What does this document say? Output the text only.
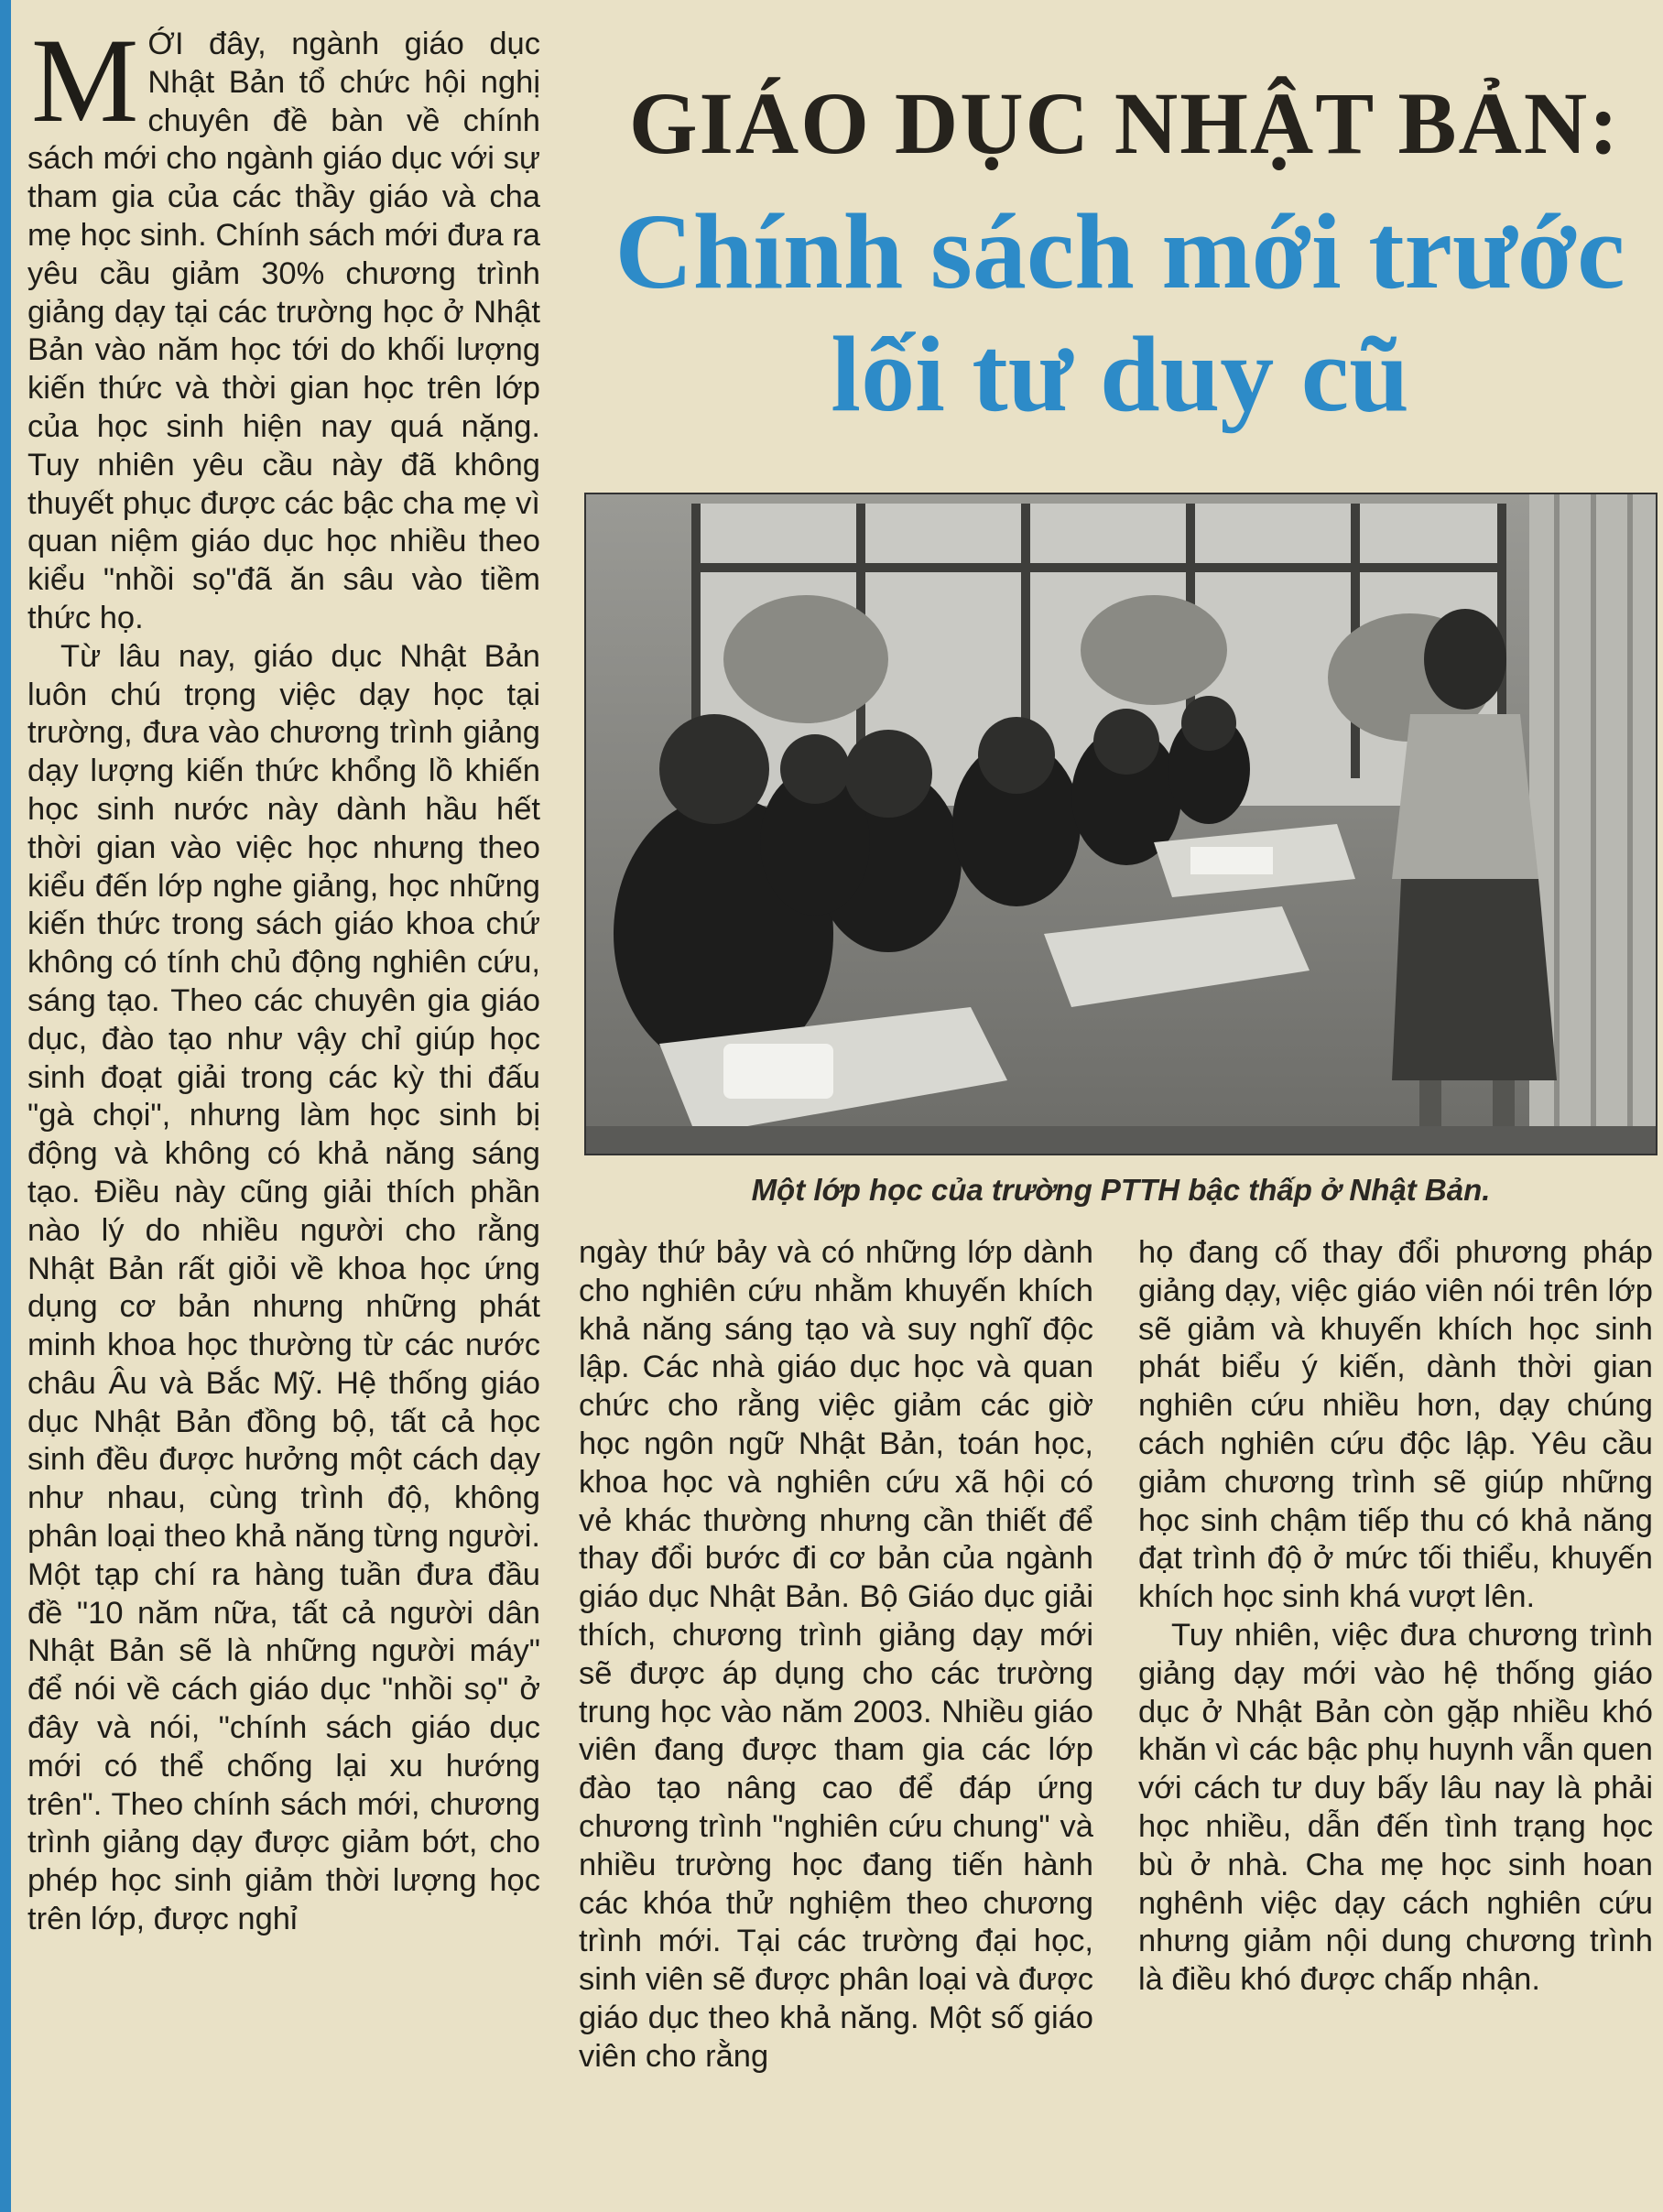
MỚI đây, ngành giáo dục Nhật Bản tổ chức hội nghị chuyên đề bàn về chính sách mới cho ngành giáo dục với sự tham gia của các thầy giáo và cha mẹ học sinh. Chính sách mới đưa ra yêu cầu giảm 30% chương trình giảng dạy tại các trường học ở Nhật Bản vào năm học tới do khối lượng kiến thức và thời gian học trên lớp của học sinh hiện nay quá nặng. Tuy nhiên yêu cầu này đã không thuyết phục được các bậc cha mẹ vì quan niệm giáo dục học nhiều theo kiểu "nhồi sọ"đã ăn sâu vào tiềm thức họ.

Từ lâu nay, giáo dục Nhật Bản luôn chú trọng việc dạy học tại trường, đưa vào chương trình giảng dạy lượng kiến thức khổng lồ khiến học sinh nước này dành hầu hết thời gian vào việc học nhưng theo kiểu đến lớp nghe giảng, học những kiến thức trong sách giáo khoa chứ không có tính chủ động nghiên cứu, sáng tạo. Theo các chuyên gia giáo dục, đào tạo như vậy chỉ giúp học sinh đoạt giải trong các kỳ thi đấu "gà chọi", nhưng làm học sinh bị động và không có khả năng sáng tạo. Điều này cũng giải thích phần nào lý do nhiều người cho rằng Nhật Bản rất giỏi về khoa học ứng dụng cơ bản nhưng những phát minh khoa học thường từ các nước châu Âu và Bắc Mỹ. Hệ thống giáo dục Nhật Bản đồng bộ, tất cả học sinh đều được hưởng một cách dạy như nhau, cùng trình độ, không phân loại theo khả năng từng người. Một tạp chí ra hàng tuần đưa đầu đề "10 năm nữa, tất cả người dân Nhật Bản sẽ là những người máy" để nói về cách giáo dục "nhồi sọ" ở đây và nói, "chính sách giáo dục mới có thể chống lại xu hướng trên". Theo chính sách mới, chương trình giảng dạy được giảm bớt, cho phép học sinh giảm thời lượng học trên lớp, được nghỉ

GIÁO DỤC NHẬT BẢN:
Chính sách mới trước
lối tư duy cũ
Một lớp học của trường PTTH bậc thấp ở Nhật Bản.

ngày thứ bảy và có những lớp dành cho nghiên cứu nhằm khuyến khích khả năng sáng tạo và suy nghĩ độc lập. Các nhà giáo dục học và quan chức cho rằng việc giảm các giờ học ngôn ngữ Nhật Bản, toán học, khoa học và nghiên cứu xã hội có vẻ khác thường nhưng cần thiết để thay đổi bước đi cơ bản của ngành giáo dục Nhật Bản. Bộ Giáo dục giải thích, chương trình giảng dạy mới sẽ được áp dụng cho các trường trung học vào năm 2003. Nhiều giáo viên đang được tham gia các lớp đào tạo nâng cao để đáp ứng chương trình "nghiên cứu chung" và nhiều trường học đang tiến hành các khóa thử nghiệm theo chương trình mới. Tại các trường đại học, sinh viên sẽ được phân loại và được giáo dục theo khả năng. Một số giáo viên cho rằng

họ đang cố thay đổi phương pháp giảng dạy, việc giáo viên nói trên lớp sẽ giảm và khuyến khích học sinh phát biểu ý kiến, dành thời gian nghiên cứu nhiều hơn, dạy chúng cách nghiên cứu độc lập. Yêu cầu giảm chương trình sẽ giúp những học sinh chậm tiếp thu có khả năng đạt trình độ ở mức tối thiểu, khuyến khích học sinh khá vượt lên.

Tuy nhiên, việc đưa chương trình giảng dạy mới vào hệ thống giáo dục ở Nhật Bản còn gặp nhiều khó khăn vì các bậc phụ huynh vẫn quen với cách tư duy bấy lâu nay là phải học nhiều, dẫn đến tình trạng học bù ở nhà. Cha mẹ học sinh hoan nghênh việc dạy cách nghiên cứu nhưng giảm nội dung chương trình là điều khó được chấp nhận.
